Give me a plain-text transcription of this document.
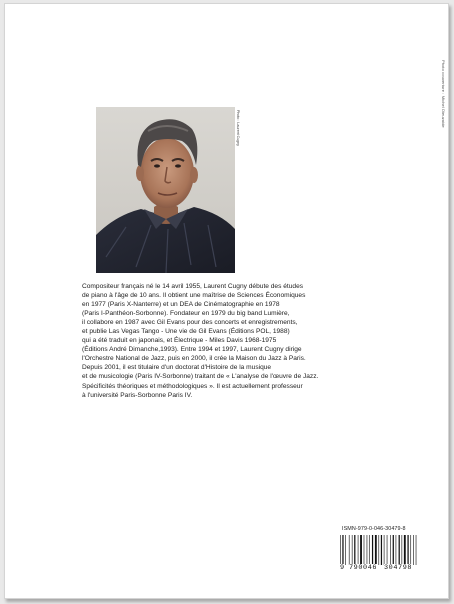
Photo couverture : Michel Dieuzaide
Photo : Laurent Cugny
Compositeur français né le 14 avril 1955, Laurent Cugny débute des études
de piano à l'âge de 10 ans. Il obtient une maîtrise de Sciences Économiques
en 1977 (Paris X-Nanterre) et un DEA de Cinématographie en 1978
(Paris I-Panthéon-Sorbonne). Fondateur en 1979 du big band Lumière,
il collabore en 1987 avec Gil Evans pour des concerts et enregistrements,
et publie Las Vegas Tango - Une vie de Gil Evans (Éditions POL, 1988)
qui a été traduit en japonais, et Électrique - Miles Davis 1968-1975
(Éditions André Dimanche,1993). Entre 1994 et 1997, Laurent Cugny dirige
l'Orchestre National de Jazz, puis en 2000, il crée la Maison du Jazz à Paris.
Depuis 2001, il est titulaire d'un doctorat d'Histoire de la musique
et de musicologie (Paris IV-Sorbonne) traitant de « L'analyse de l'œuvre de Jazz.
Spécificités théoriques et méthodologiques ». Il est actuellement professeur
à l'université Paris-Sorbonne Paris IV.
ISMN-979-0-046-30479-8
9 790046 304798
